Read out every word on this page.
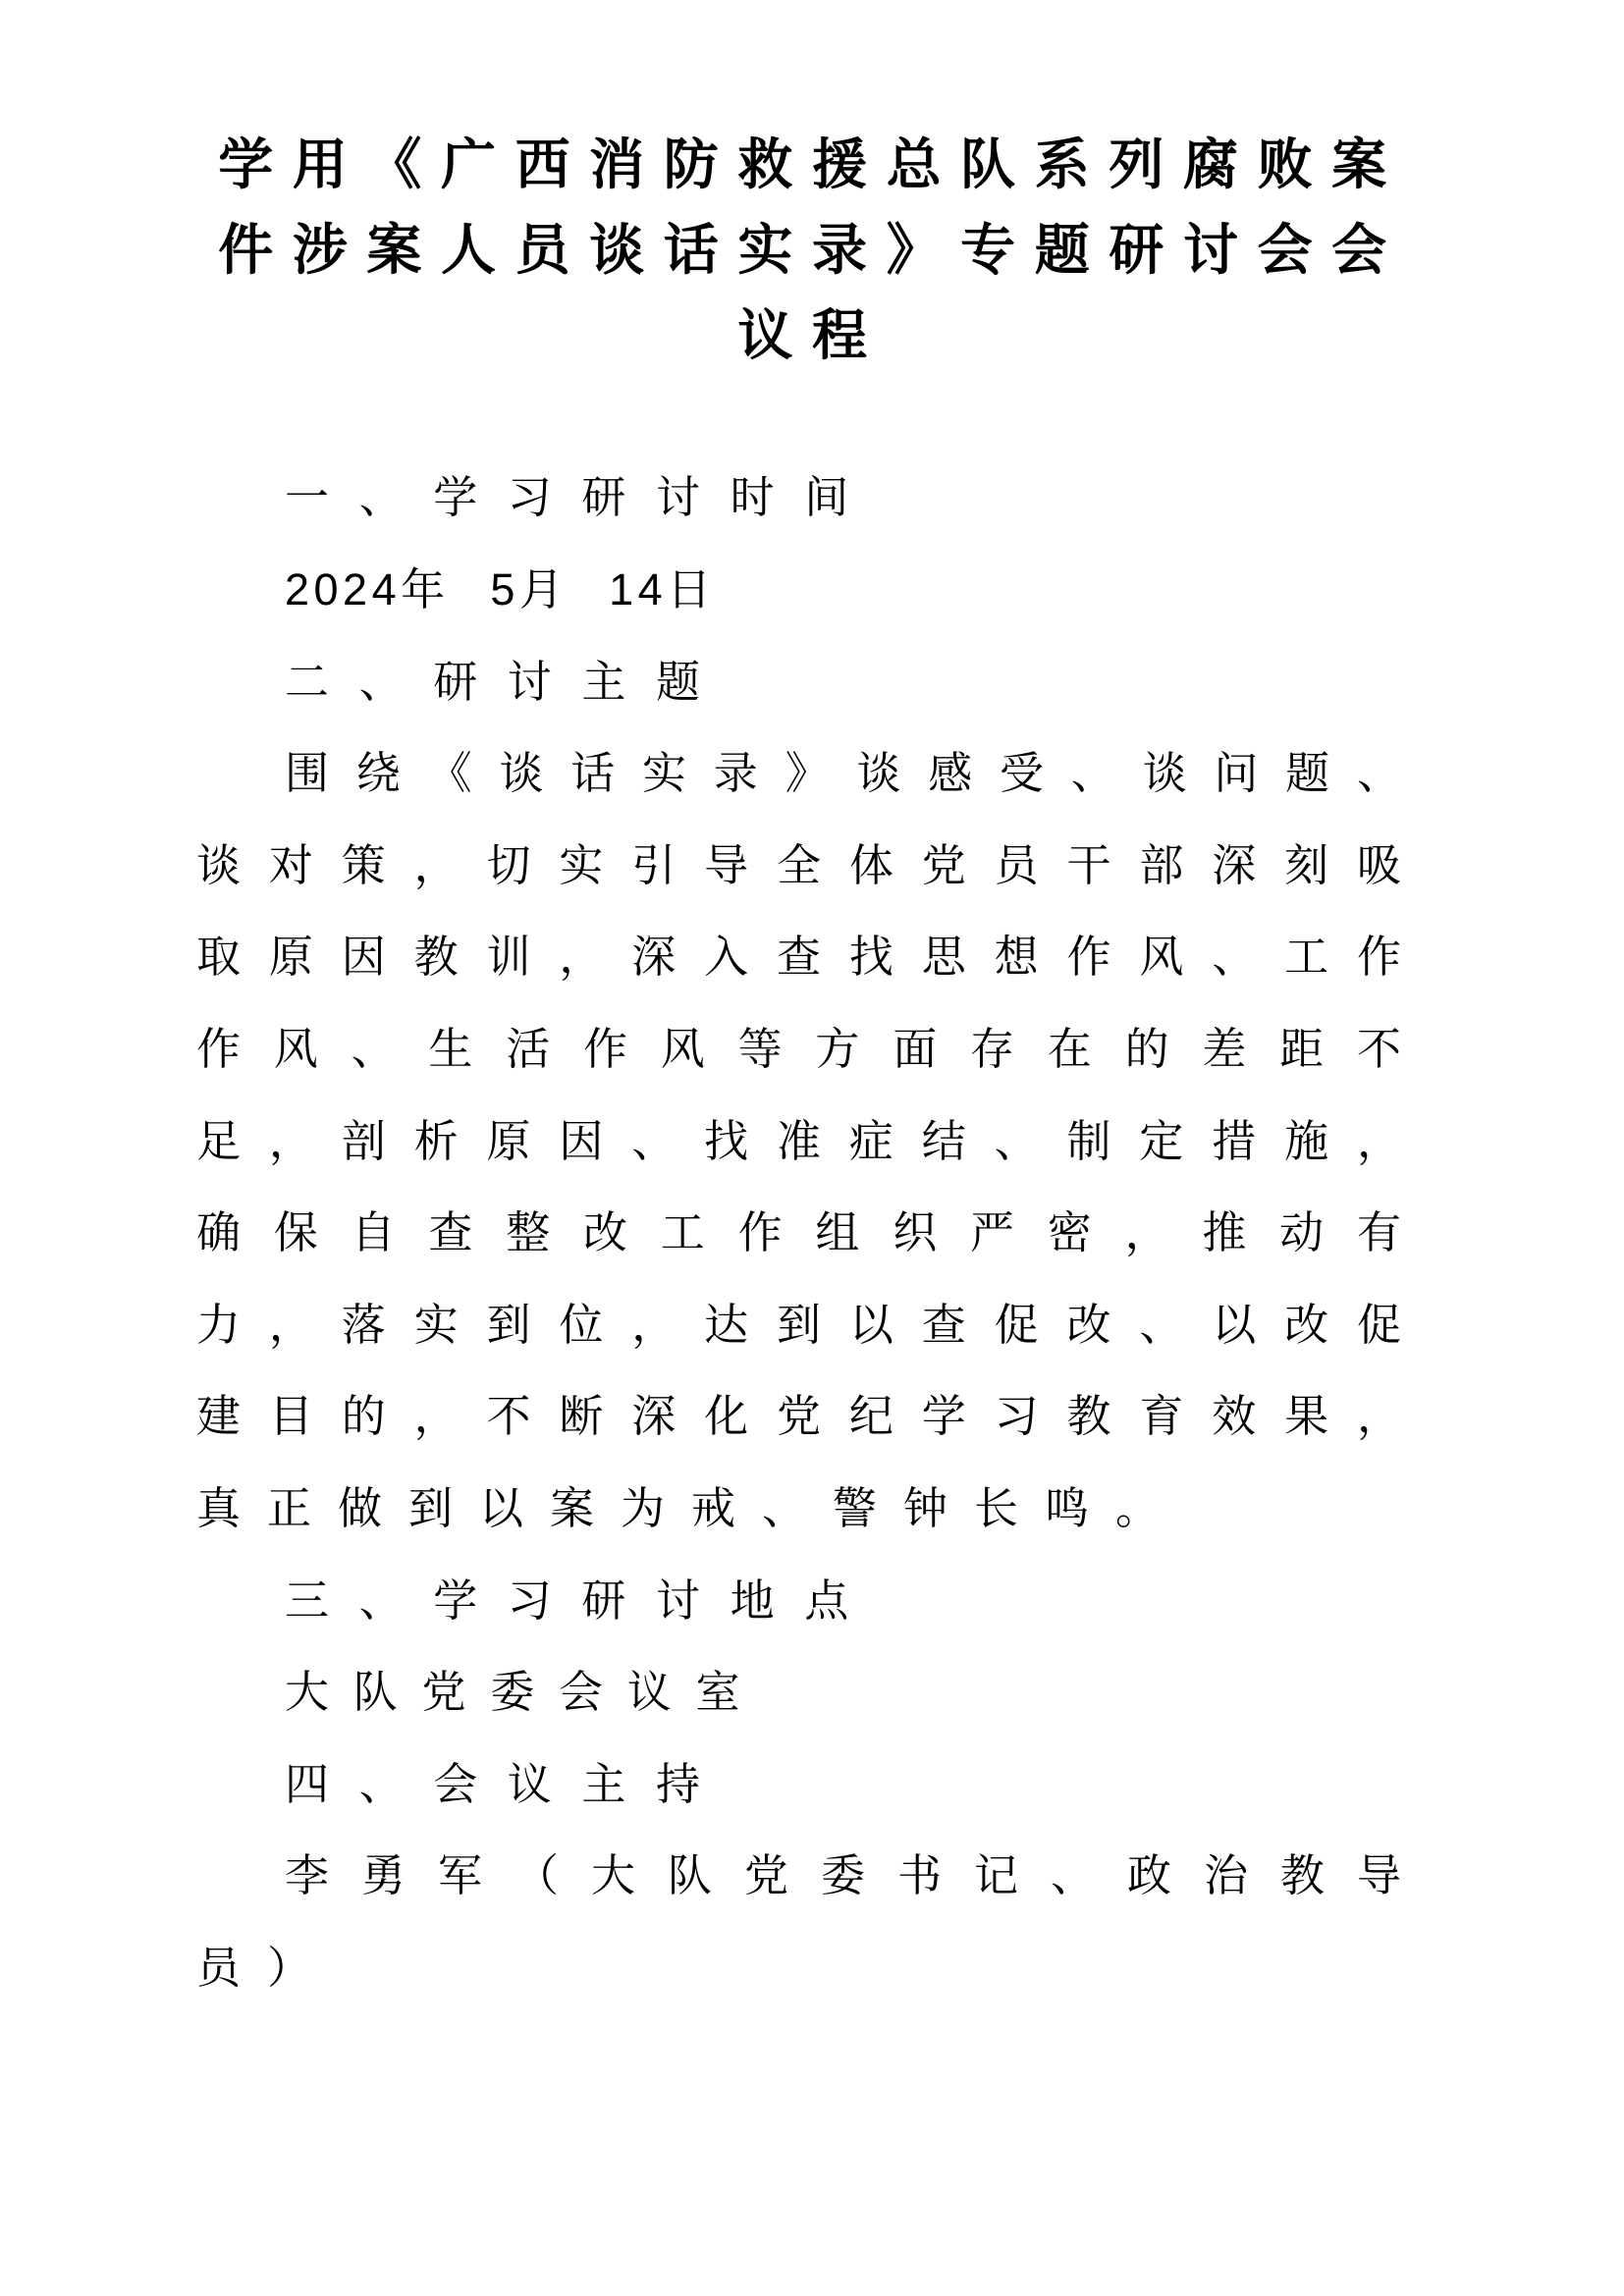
学用《广西消防救援总队系列腐败案件涉案人员谈话实录》专题研讨会会议程

一、学习研讨时间

2024年 5月 14日

二、研讨主题

围绕《谈话实录》谈感受、谈问题、谈对策，切实引导全体党员干部深刻吸取原因教训，深入查找思想作风、工作作风、生活作风等方面存在的差距不足，剖析原因、找准症结、制定措施，确保自查整改工作组织严密，推动有力，落实到位，达到以查促改、以改促建目的，不断深化党纪学习教育效果，真正做到以案为戒、警钟长鸣。

三、学习研讨地点

大队党委会议室

四、会议主持

李勇军（大队党委书记、政治教导员）
